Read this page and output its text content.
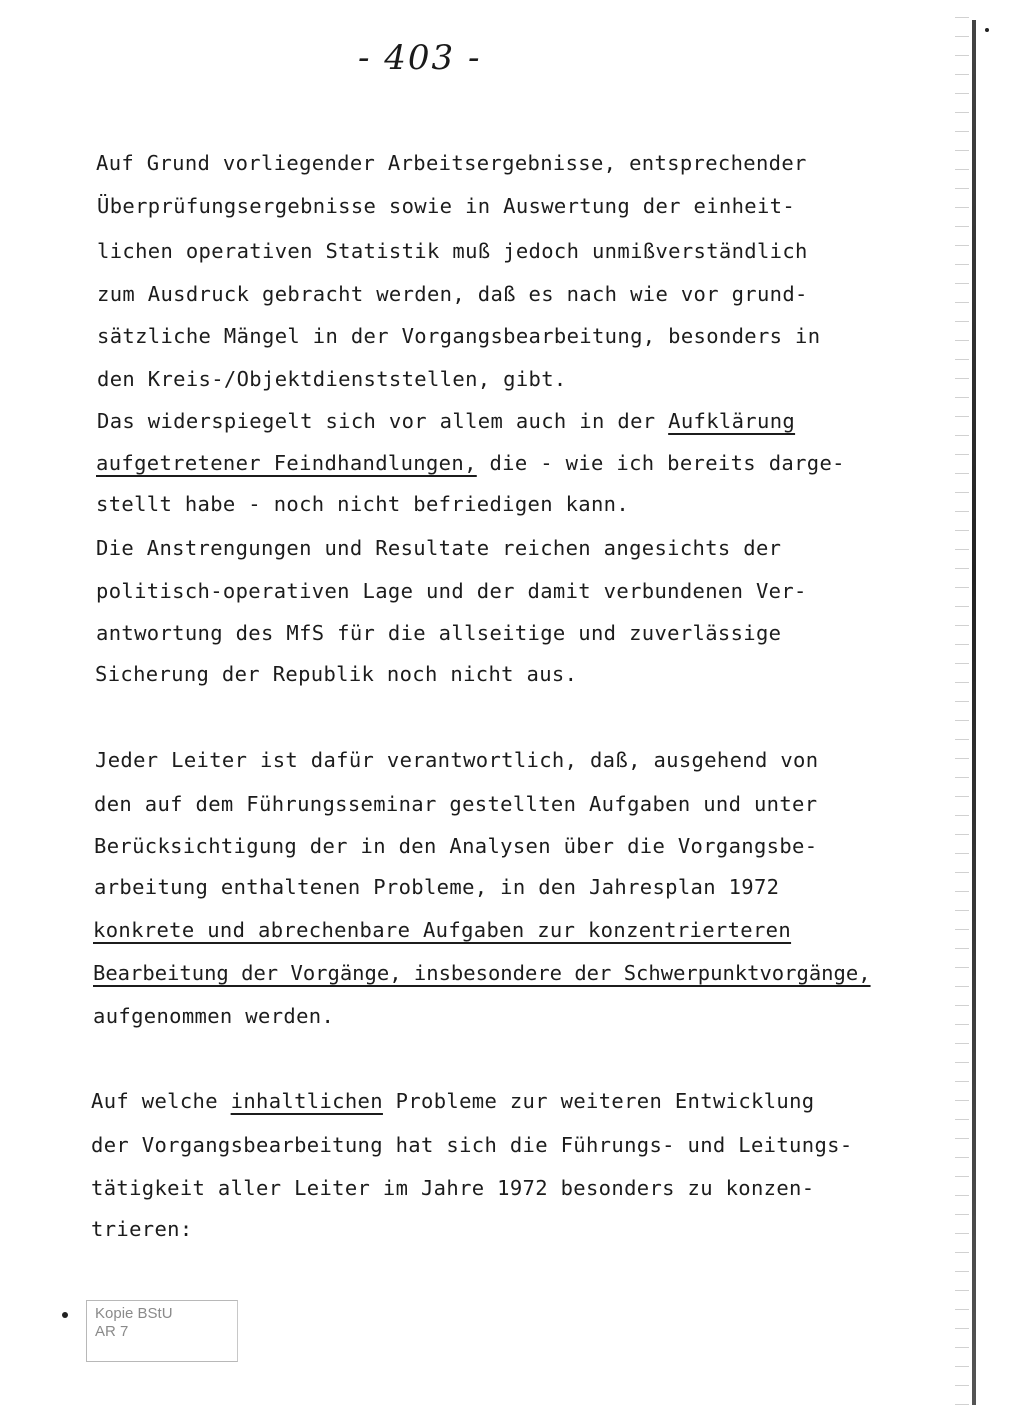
- 403 -
Auf Grund vorliegender Arbeitsergebnisse, entsprechender
Überprüfungsergebnisse sowie in Auswertung der einheit-
lichen operativen Statistik muß jedoch unmißverständlich
zum Ausdruck gebracht werden, daß es nach wie vor grund-
sätzliche Mängel in der Vorgangsbearbeitung, besonders in
den Kreis-/Objektdienststellen, gibt.
Das widerspiegelt sich vor allem auch in der Aufklärung
aufgetretener Feindhandlungen, die - wie ich bereits darge-
stellt habe - noch nicht befriedigen kann.
Die Anstrengungen und Resultate reichen angesichts der
politisch-operativen Lage und der damit verbundenen Ver-
antwortung des MfS für die allseitige und zuverlässige
Sicherung der Republik noch nicht aus.
Jeder Leiter ist dafür verantwortlich, daß, ausgehend von
den auf dem Führungsseminar gestellten Aufgaben und unter
Berücksichtigung der in den Analysen über die Vorgangsbe-
arbeitung enthaltenen Probleme, in den Jahresplan 1972
konkrete und abrechenbare Aufgaben zur konzentrierteren
Bearbeitung der Vorgänge, insbesondere der Schwerpunktvorgänge,
aufgenommen werden.
Auf welche inhaltlichen Probleme zur weiteren Entwicklung
der Vorgangsbearbeitung hat sich die Führungs- und Leitungs-
tätigkeit aller Leiter im Jahre 1972 besonders zu konzen-
trieren:
Kopie BStU
AR 7
